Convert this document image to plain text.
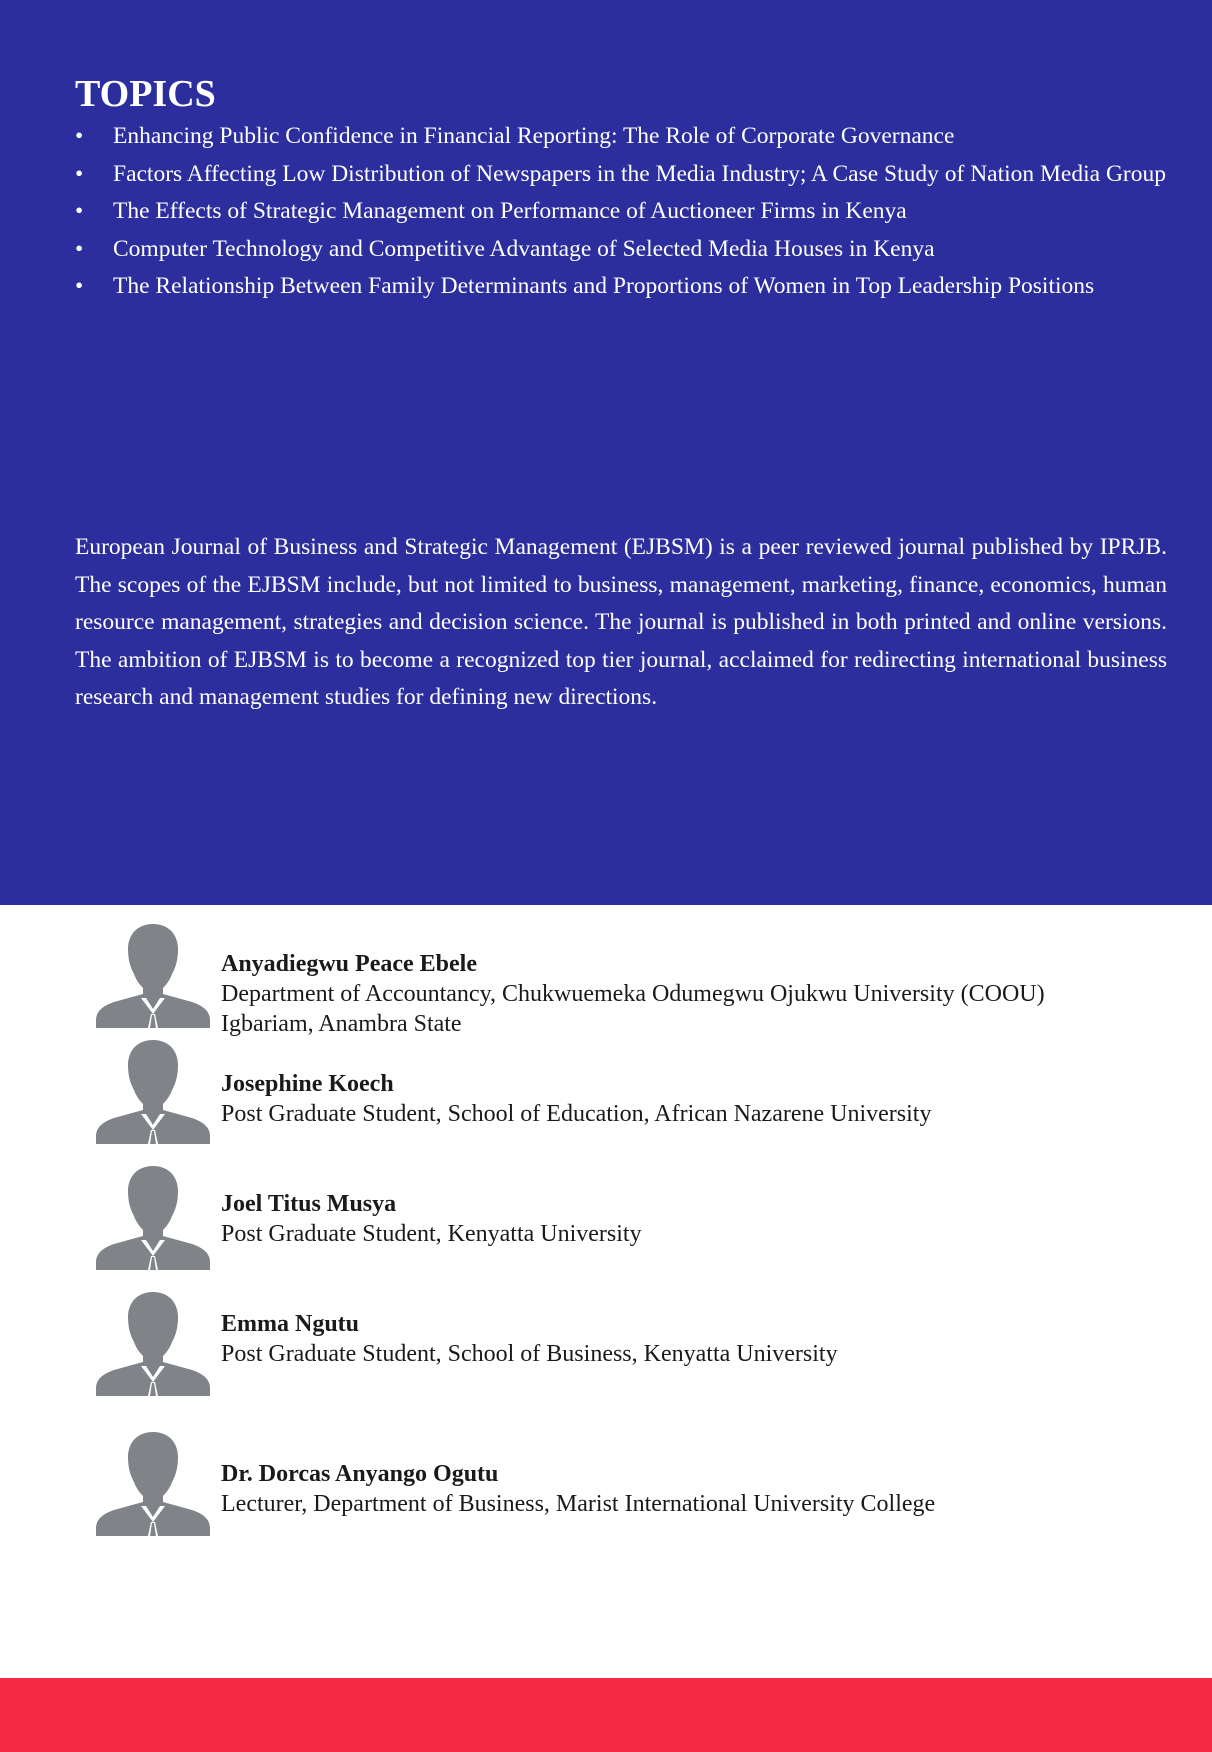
TOPICS
• Enhancing Public Confidence in Financial Reporting: The Role of Corporate Governance
• Factors Affecting Low Distribution of Newspapers in the Media Industry; A Case Study of Nation Media Group
• The Effects of Strategic Management on Performance of Auctioneer Firms in Kenya
• Computer Technology and Competitive Advantage of Selected Media Houses in Kenya
• The Relationship Between Family Determinants and Proportions of Women in Top Leadership Positions

European Journal of Business and Strategic Management (EJBSM) is a peer reviewed journal published by IPRJB. The scopes of the EJBSM include, but not limited to business, management, marketing, finance, economics, human resource management, strategies and decision science. The journal is published in both printed and online versions. The ambition of EJBSM is to become a recognized top tier journal, acclaimed for redirecting international business research and management studies for defining new directions.

Anyadiegwu Peace Ebele
Department of Accountancy, Chukwuemeka Odumegwu Ojukwu University (COOU)
Igbariam, Anambra State
Josephine Koech
Post Graduate Student, School of Education, African Nazarene University
Joel Titus Musya
Post Graduate Student, Kenyatta University
Emma Ngutu
Post Graduate Student, School of Business, Kenyatta University
Dr. Dorcas Anyango Ogutu
Lecturer, Department of Business, Marist International University College
